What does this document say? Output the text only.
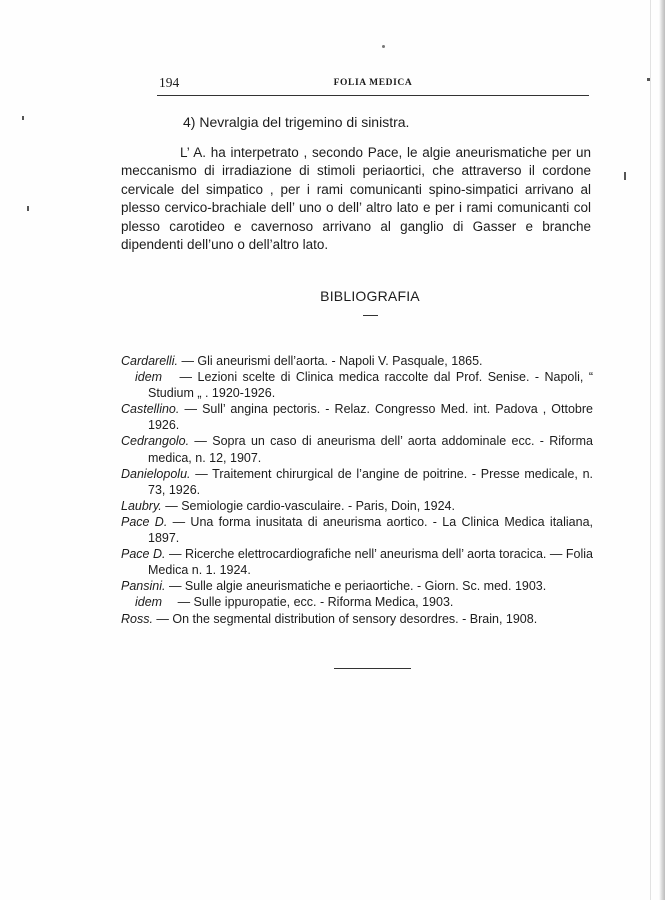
194	FOLIA MEDICA
4) Nevralgia del trigemino di sinistra.

L’ A. ha interpetrato , secondo Pace, le algie aneurismatiche per un meccanismo di irradiazione di stimoli periaortici, che attraverso il cordone cervicale del simpatico , per i rami comunicanti spino-simpatici arrivano al plesso cervico-brachiale dell’ uno o dell’ altro lato e per i rami comunicanti col plesso carotideo e cavernoso arrivano al ganglio di Gasser e branche dipendenti dell’uno o dell’altro lato.

BIBLIOGRAFIA

Cardarelli. — Gli aneurismi dell’aorta. - Napoli V. Pasquale, 1865.

idem — Lezioni scelte di Clinica medica raccolte dal Prof. Senise. - Napoli, “ Studium „ . 1920-1926.

Castellino. — Sull’ angina pectoris. - Relaz. Congresso Med. int. Padova , Ottobre 1926.

Cedrangolo. — Sopra un caso di aneurisma dell’ aorta addominale ecc. - Riforma medica, n. 12, 1907.

Danielopolu. — Traitement chirurgical de l’angine de poitrine. - Presse medicale, n. 73, 1926.

Laubry. — Semiologie cardio-vasculaire. - Paris, Doin, 1924.

Pace D. — Una forma inusitata di aneurisma aortico. - La Clinica Medica italiana, 1897.

Pace D. — Ricerche elettrocardiografiche nell’ aneurisma dell’ aorta toracica. — Folia Medica n. 1. 1924.

Pansini. — Sulle algie aneurismatiche e periaortiche. - Giorn. Sc. med. 1903.

idem — Sulle ippuropatie, ecc. - Riforma Medica, 1903.

Ross. — On the segmental distribution of sensory desordres. - Brain, 1908.
